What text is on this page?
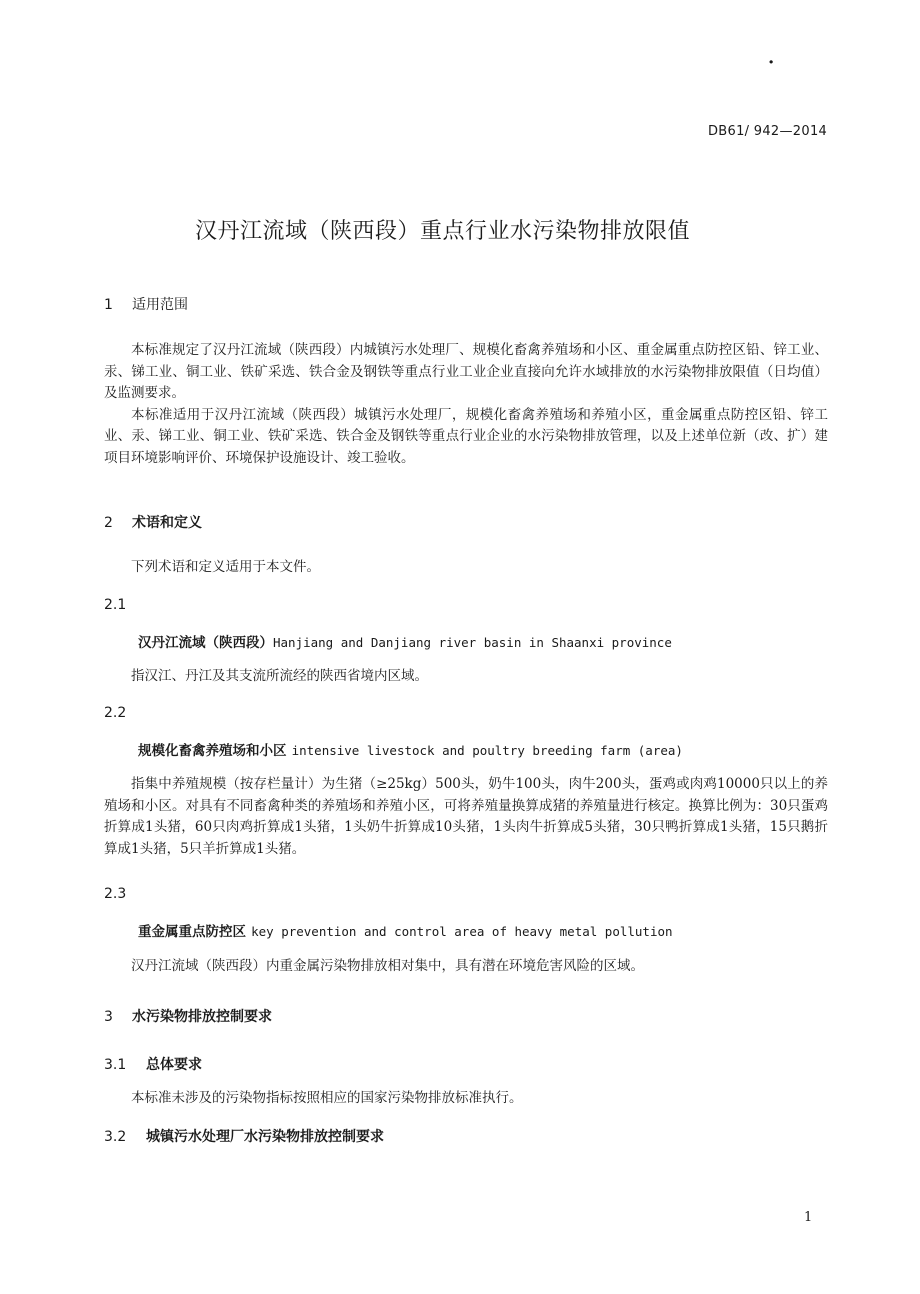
·
DB61/ 942—2014
汉丹江流域（陕西段）重点行业水污染物排放限值
1 适用范围

本标准规定了汉丹江流域（陕西段）内城镇污水处理厂、规模化畜禽养殖场和小区、重金属重点防控区铅、锌工业、汞、锑工业、铜工业、铁矿采选、铁合金及钢铁等重点行业工业企业直接向允许水域排放的水污染物排放限值（日均值）及监测要求。

本标准适用于汉丹江流域（陕西段）城镇污水处理厂，规模化畜禽养殖场和养殖小区，重金属重点防控区铅、锌工业、汞、锑工业、铜工业、铁矿采选、铁合金及钢铁等重点行业企业的水污染物排放管理，以及上述单位新（改、扩）建项目环境影响评价、环境保护设施设计、竣工验收。

2 术语和定义

下列术语和定义适用于本文件。

2.1
汉丹江流域（陕西段）Hanjiang and Danjiang river basin in Shaanxi province

指汉江、丹江及其支流所流经的陕西省境内区域。

2.2
规模化畜禽养殖场和小区 intensive livestock and poultry breeding farm (area)

指集中养殖规模（按存栏量计）为生猪（≥25kg）500头，奶牛100头，肉牛200头，蛋鸡或肉鸡10000只以上的养殖场和小区。对具有不同畜禽种类的养殖场和养殖小区，可将养殖量换算成猪的养殖量进行核定。换算比例为：30只蛋鸡折算成1头猪，60只肉鸡折算成1头猪，1头奶牛折算成10头猪，1头肉牛折算成5头猪，30只鸭折算成1头猪，15只鹅折算成1头猪，5只羊折算成1头猪。

2.3
重金属重点防控区 key prevention and control area of heavy metal pollution

汉丹江流域（陕西段）内重金属污染物排放相对集中，具有潜在环境危害风险的区域。

3 水污染物排放控制要求
3.1 总体要求

本标准未涉及的污染物指标按照相应的国家污染物排放标准执行。

3.2 城镇污水处理厂水污染物排放控制要求
1
